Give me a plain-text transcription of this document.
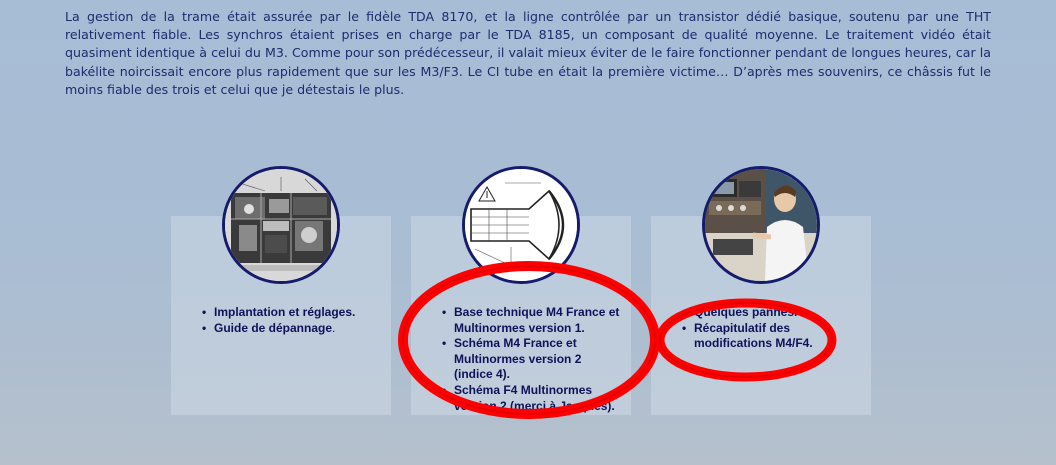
La gestion de la trame était assurée par le fidèle TDA 8170, et la ligne contrôlée par un transistor dédié basique, soutenu par une THT relativement fiable. Les synchros étaient prises en charge par le TDA 8185, un composant de qualité moyenne. Le traitement vidéo était quasiment identique à celui du M3. Comme pour son prédécesseur, il valait mieux éviter de le faire fonctionner pendant de longues heures, car la bakélite noircissait encore plus rapidement que sur les M3/F3. Le CI tube en était la première victime… D’après mes souvenirs, ce châssis fut le moins fiable des trois et celui que je détestais le plus.

• Implantation et réglages.
• Guide de dépannage.
• Base technique M4 France et Multinormes version 1.
• Schéma M4 France et Multinormes version 2 (indice 4).
• Schéma F4 Multinormes version 2 (merci à Jacques).
• Quelques pannes.
• Récapitulatif des modifications M4/F4.
